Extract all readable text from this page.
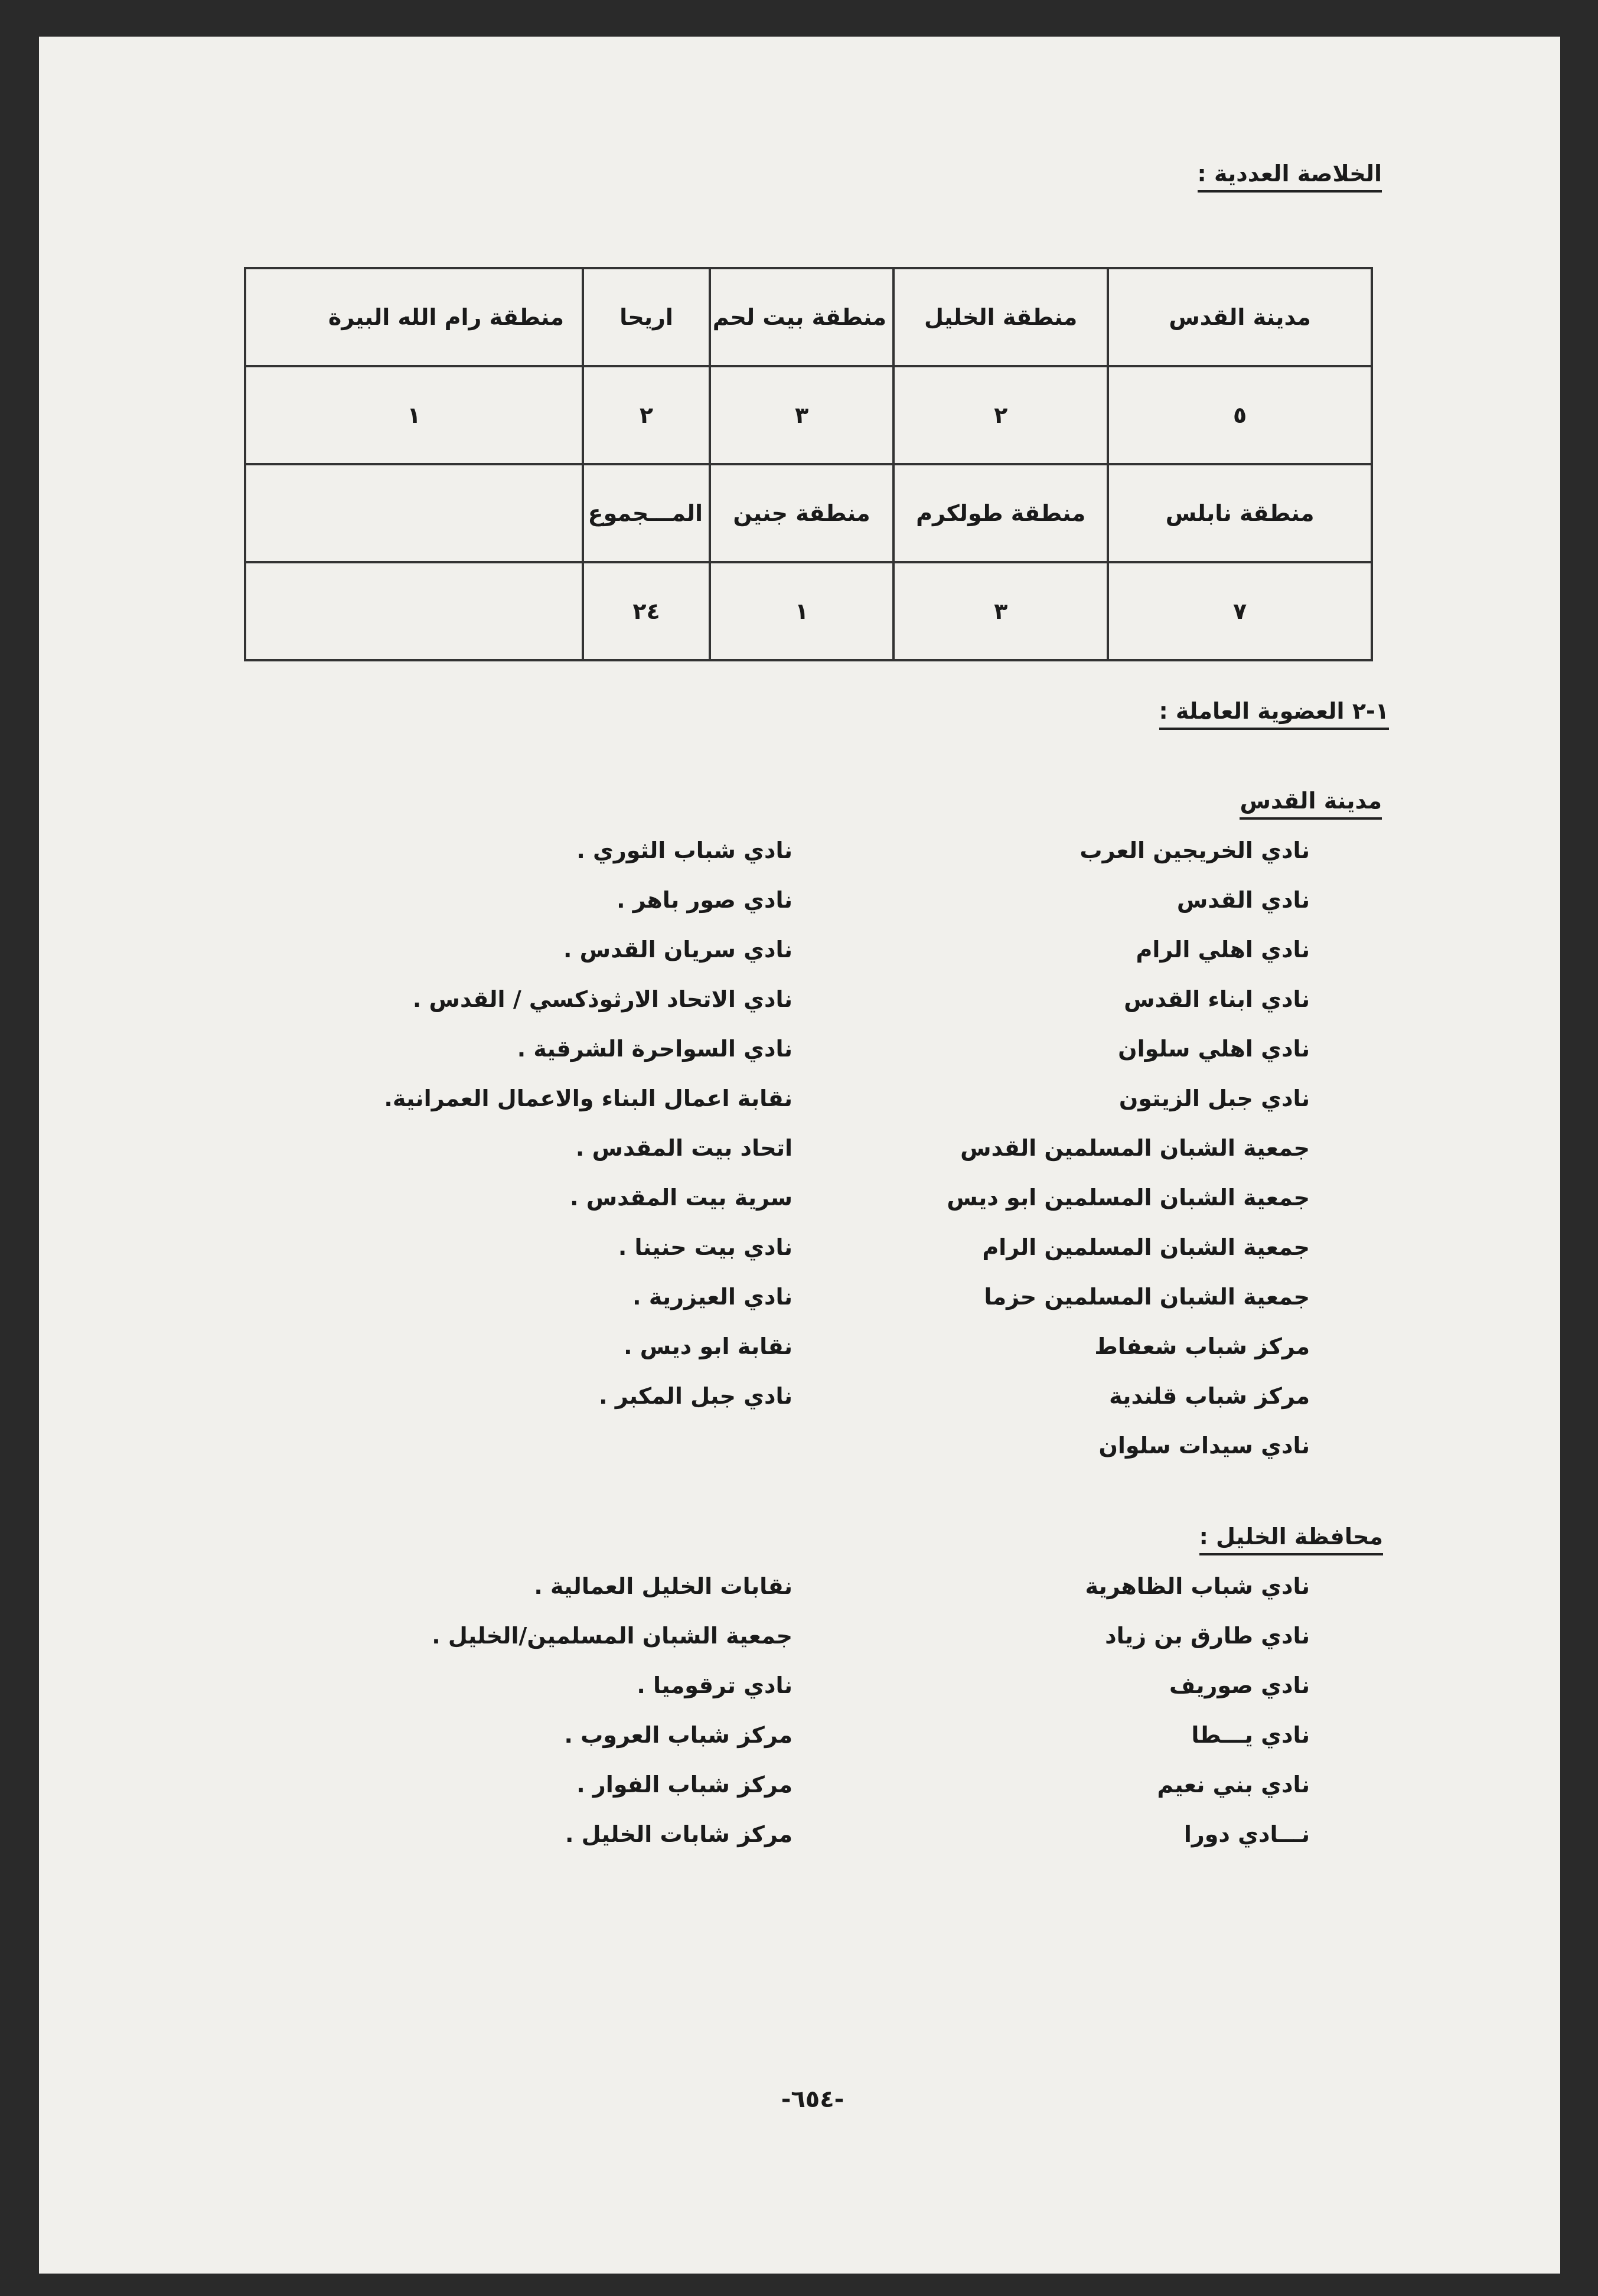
الخلاصة العددية :
مدينة القدس	منطقة الخليل	منطقة بيت لحم	اريحا	منطقة رام الله البيرة
٥	٢	٣	٢	١
منطقة نابلس	منطقة طولكرم	منطقة جنين	المـــجموع	
٧	٣	١	٢٤	
١-٢ العضوية العاملة :
مدينة القدس
نادي الخريجين العرب
نادي القدس
نادي اهلي الرام
نادي ابناء القدس
نادي اهلي سلوان
نادي جبل الزيتون
جمعية الشبان المسلمين القدس
جمعية الشبان المسلمين ابو ديس
جمعية الشبان المسلمين الرام
جمعية الشبان المسلمين حزما
مركز شباب شعفاط
مركز شباب قلندية
نادي سيدات سلوان
نادي شباب الثوري .
نادي صور باهر .
نادي سريان القدس .
نادي الاتحاد الارثوذكسي / القدس .
نادي السواحرة الشرقية .
نقابة اعمال البناء والاعمال العمرانية.
اتحاد بيت المقدس .
سرية بيت المقدس .
نادي بيت حنينا .
نادي العيزرية .
نقابة ابو ديس .
نادي جبل المكبر .
محافظة الخليل :
نادي شباب الظاهرية
نادي طارق بن زياد
نادي صوريف
نادي يـــطا
نادي بني نعيم
نـــادي دورا
نقابات الخليل العمالية .
جمعية الشبان المسلمين/الخليل .
نادي ترقوميا .
مركز شباب العروب .
مركز شباب الفوار .
مركز شابات الخليل .
-٦٥٤-
